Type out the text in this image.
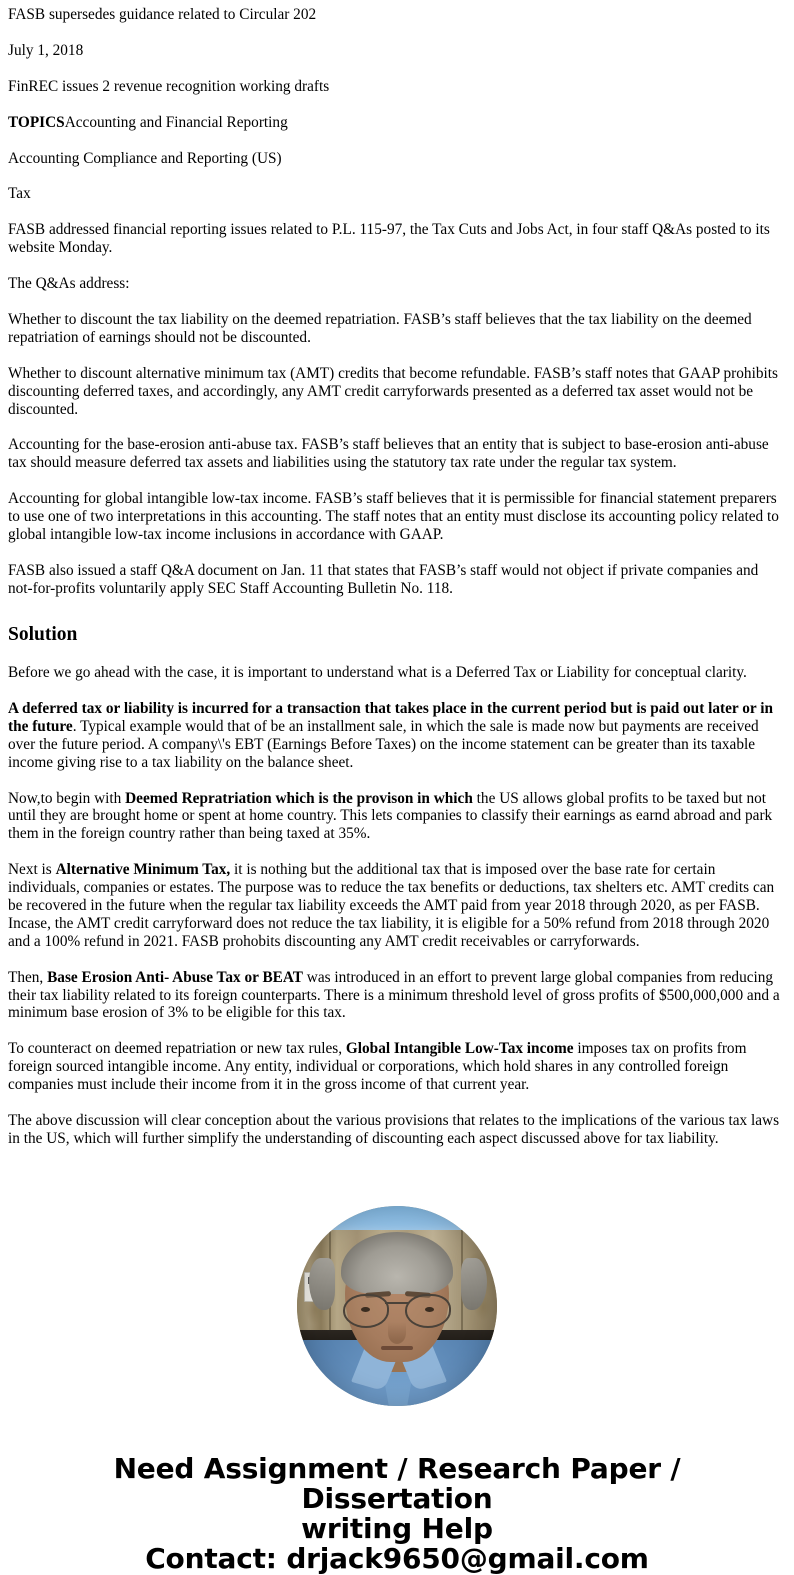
FASB supersedes guidance related to Circular 202

July 1, 2018

FinREC issues 2 revenue recognition working drafts

TOPICSAccounting and Financial Reporting

Accounting Compliance and Reporting (US)

Tax

FASB addressed financial reporting issues related to P.L. 115-97, the Tax Cuts and Jobs Act, in four staff Q&As posted to its website Monday.

The Q&As address:

Whether to discount the tax liability on the deemed repatriation. FASB’s staff believes that the tax liability on the deemed repatriation of earnings should not be discounted.

Whether to discount alternative minimum tax (AMT) credits that become refundable. FASB’s staff notes that GAAP prohibits discounting deferred taxes, and accordingly, any AMT credit carryforwards presented as a deferred tax asset would not be discounted.

Accounting for the base-erosion anti-abuse tax. FASB’s staff believes that an entity that is subject to base-erosion anti-abuse tax should measure deferred tax assets and liabilities using the statutory tax rate under the regular tax system.

Accounting for global intangible low-tax income. FASB’s staff believes that it is permissible for financial statement preparers to use one of two interpretations in this accounting. The staff notes that an entity must disclose its accounting policy related to global intangible low-tax income inclusions in accordance with GAAP.

FASB also issued a staff Q&A document on Jan. 11 that states that FASB’s staff would not object if private companies and not-for-profits voluntarily apply SEC Staff Accounting Bulletin No. 118.

Solution

Before we go ahead with the case, it is important to understand what is a Deferred Tax or Liability for conceptual clarity.

A deferred tax or liability is incurred for a transaction that takes place in the current period but is paid out later or in the future. Typical example would that of be an installment sale, in which the sale is made now but payments are received over the future period. A company\'s EBT (Earnings Before Taxes) on the income statement can be greater than its taxable income giving rise to a tax liability on the balance sheet.

Now,to begin with Deemed Repratriation which is the provison in which the US allows global profits to be taxed but not until they are brought home or spent at home country. This lets companies to classify their earnings as earnd abroad and park them in the foreign country rather than being taxed at 35%.

Next is Alternative Minimum Tax, it is nothing but the additional tax that is imposed over the base rate for certain individuals, companies or estates. The purpose was to reduce the tax benefits or deductions, tax shelters etc. AMT credits can be recovered in the future when the regular tax liability exceeds the AMT paid from year 2018 through 2020, as per FASB. Incase, the AMT credit carryforward does not reduce the tax liability, it is eligible for a 50% refund from 2018 through 2020 and a 100% refund in 2021. FASB prohobits discounting any AMT credit receivables or carryforwards.

Then, Base Erosion Anti- Abuse Tax or BEAT was introduced in an effort to prevent large global companies from reducing their tax liability related to its foreign counterparts. There is a minimum threshold level of gross profits of $500,000,000 and a minimum base erosion of 3% to be eligible for this tax.

To counteract on deemed repatriation or new tax rules, Global Intangible Low-Tax income imposes tax on profits from foreign sourced intangible income. Any entity, individual or corporations, which hold shares in any controlled foreign companies must include their income from it in the gross income of that current year.

The above discussion will clear conception about the various provisions that relates to the implications of the various tax laws in the US, which will further simplify the understanding of discounting each aspect discussed above for tax liability.

Need Assignment / Research Paper / Dissertation
writing Help
Contact: drjack9650@gmail.com
